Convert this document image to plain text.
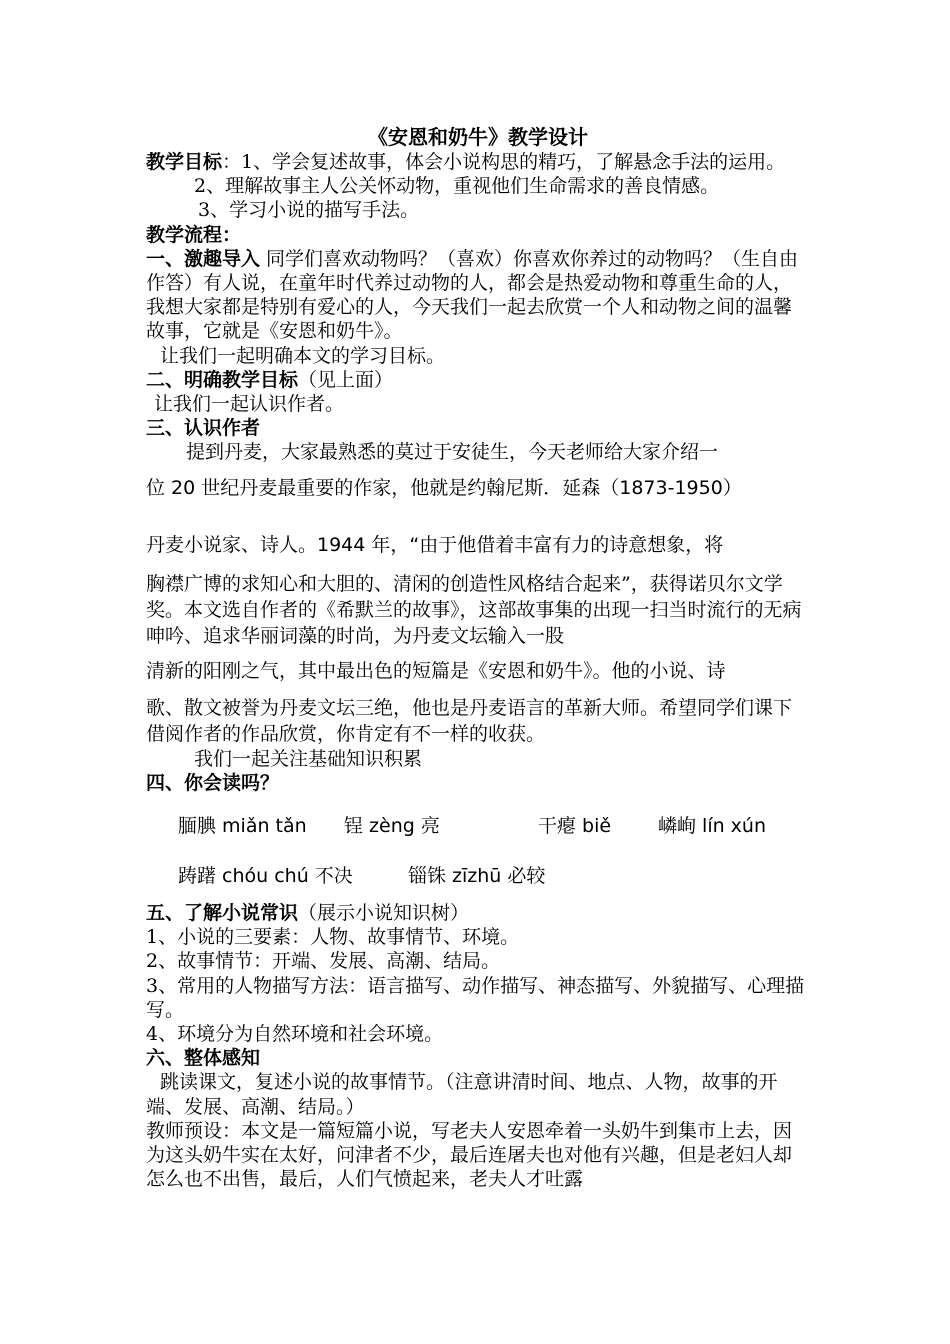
《安恩和奶牛》教学设计

教学目标：1、学会复述故事，体会小说构思的精巧，了解悬念手法的运用。

2、理解故事主人公关怀动物，重视他们生命需求的善良情感。

3、学习小说的描写手法。

教学流程：

一、激趣导入 同学们喜欢动物吗？（喜欢）你喜欢你养过的动物吗？（生自由作答）有人说，在童年时代养过动物的人，都会是热爱动物和尊重生命的人，我想大家都是特别有爱心的人，今天我们一起去欣赏一个人和动物之间的温馨故事，它就是《安恩和奶牛》。

让我们一起明确本文的学习目标。

二、明确教学目标（见上面）

让我们一起认识作者。

三、认识作者

提到丹麦，大家最熟悉的莫过于安徒生，今天老师给大家介绍一

位 20 世纪丹麦最重要的作家，他就是约翰尼斯．延森（1873-1950）

丹麦小说家、诗人。1944 年，“由于他借着丰富有力的诗意想象，将

胸襟广博的求知心和大胆的、清闲的创造性风格结合起来”，获得诺贝尔文学奖。本文选自作者的《希默兰的故事》，这部故事集的出现一扫当时流行的无病呻吟、追求华丽词藻的时尚，为丹麦文坛输入一股

清新的阳刚之气，其中最出色的短篇是《安恩和奶牛》。他的小说、诗

歌、散文被誉为丹麦文坛三绝，他也是丹麦语言的革新大师。希望同学们课下借阅作者的作品欣赏，你肯定有不一样的收获。

我们一起关注基础知识积累

四、你会读吗？

腼腆 miǎn tǎn	锃 zèng 亮	干瘪 biě	嶙峋 lín xún
踌躇 chóu chú 不决	锱铢 zīzhū 必较

五、了解小说常识（展示小说知识树）

1、小说的三要素：人物、故事情节、环境。

2、故事情节：开端、发展、高潮、结局。

3、常用的人物描写方法：语言描写、动作描写、神态描写、外貌描写、心理描写。

4、环境分为自然环境和社会环境。

六、整体感知

跳读课文，复述小说的故事情节。（注意讲清时间、地点、人物，故事的开端、发展、高潮、结局。）

教师预设：本文是一篇短篇小说，写老夫人安恩牵着一头奶牛到集市上去，因为这头奶牛实在太好，问津者不少，最后连屠夫也对他有兴趣，但是老妇人却怎么也不出售，最后，人们气愤起来，老夫人才吐露
